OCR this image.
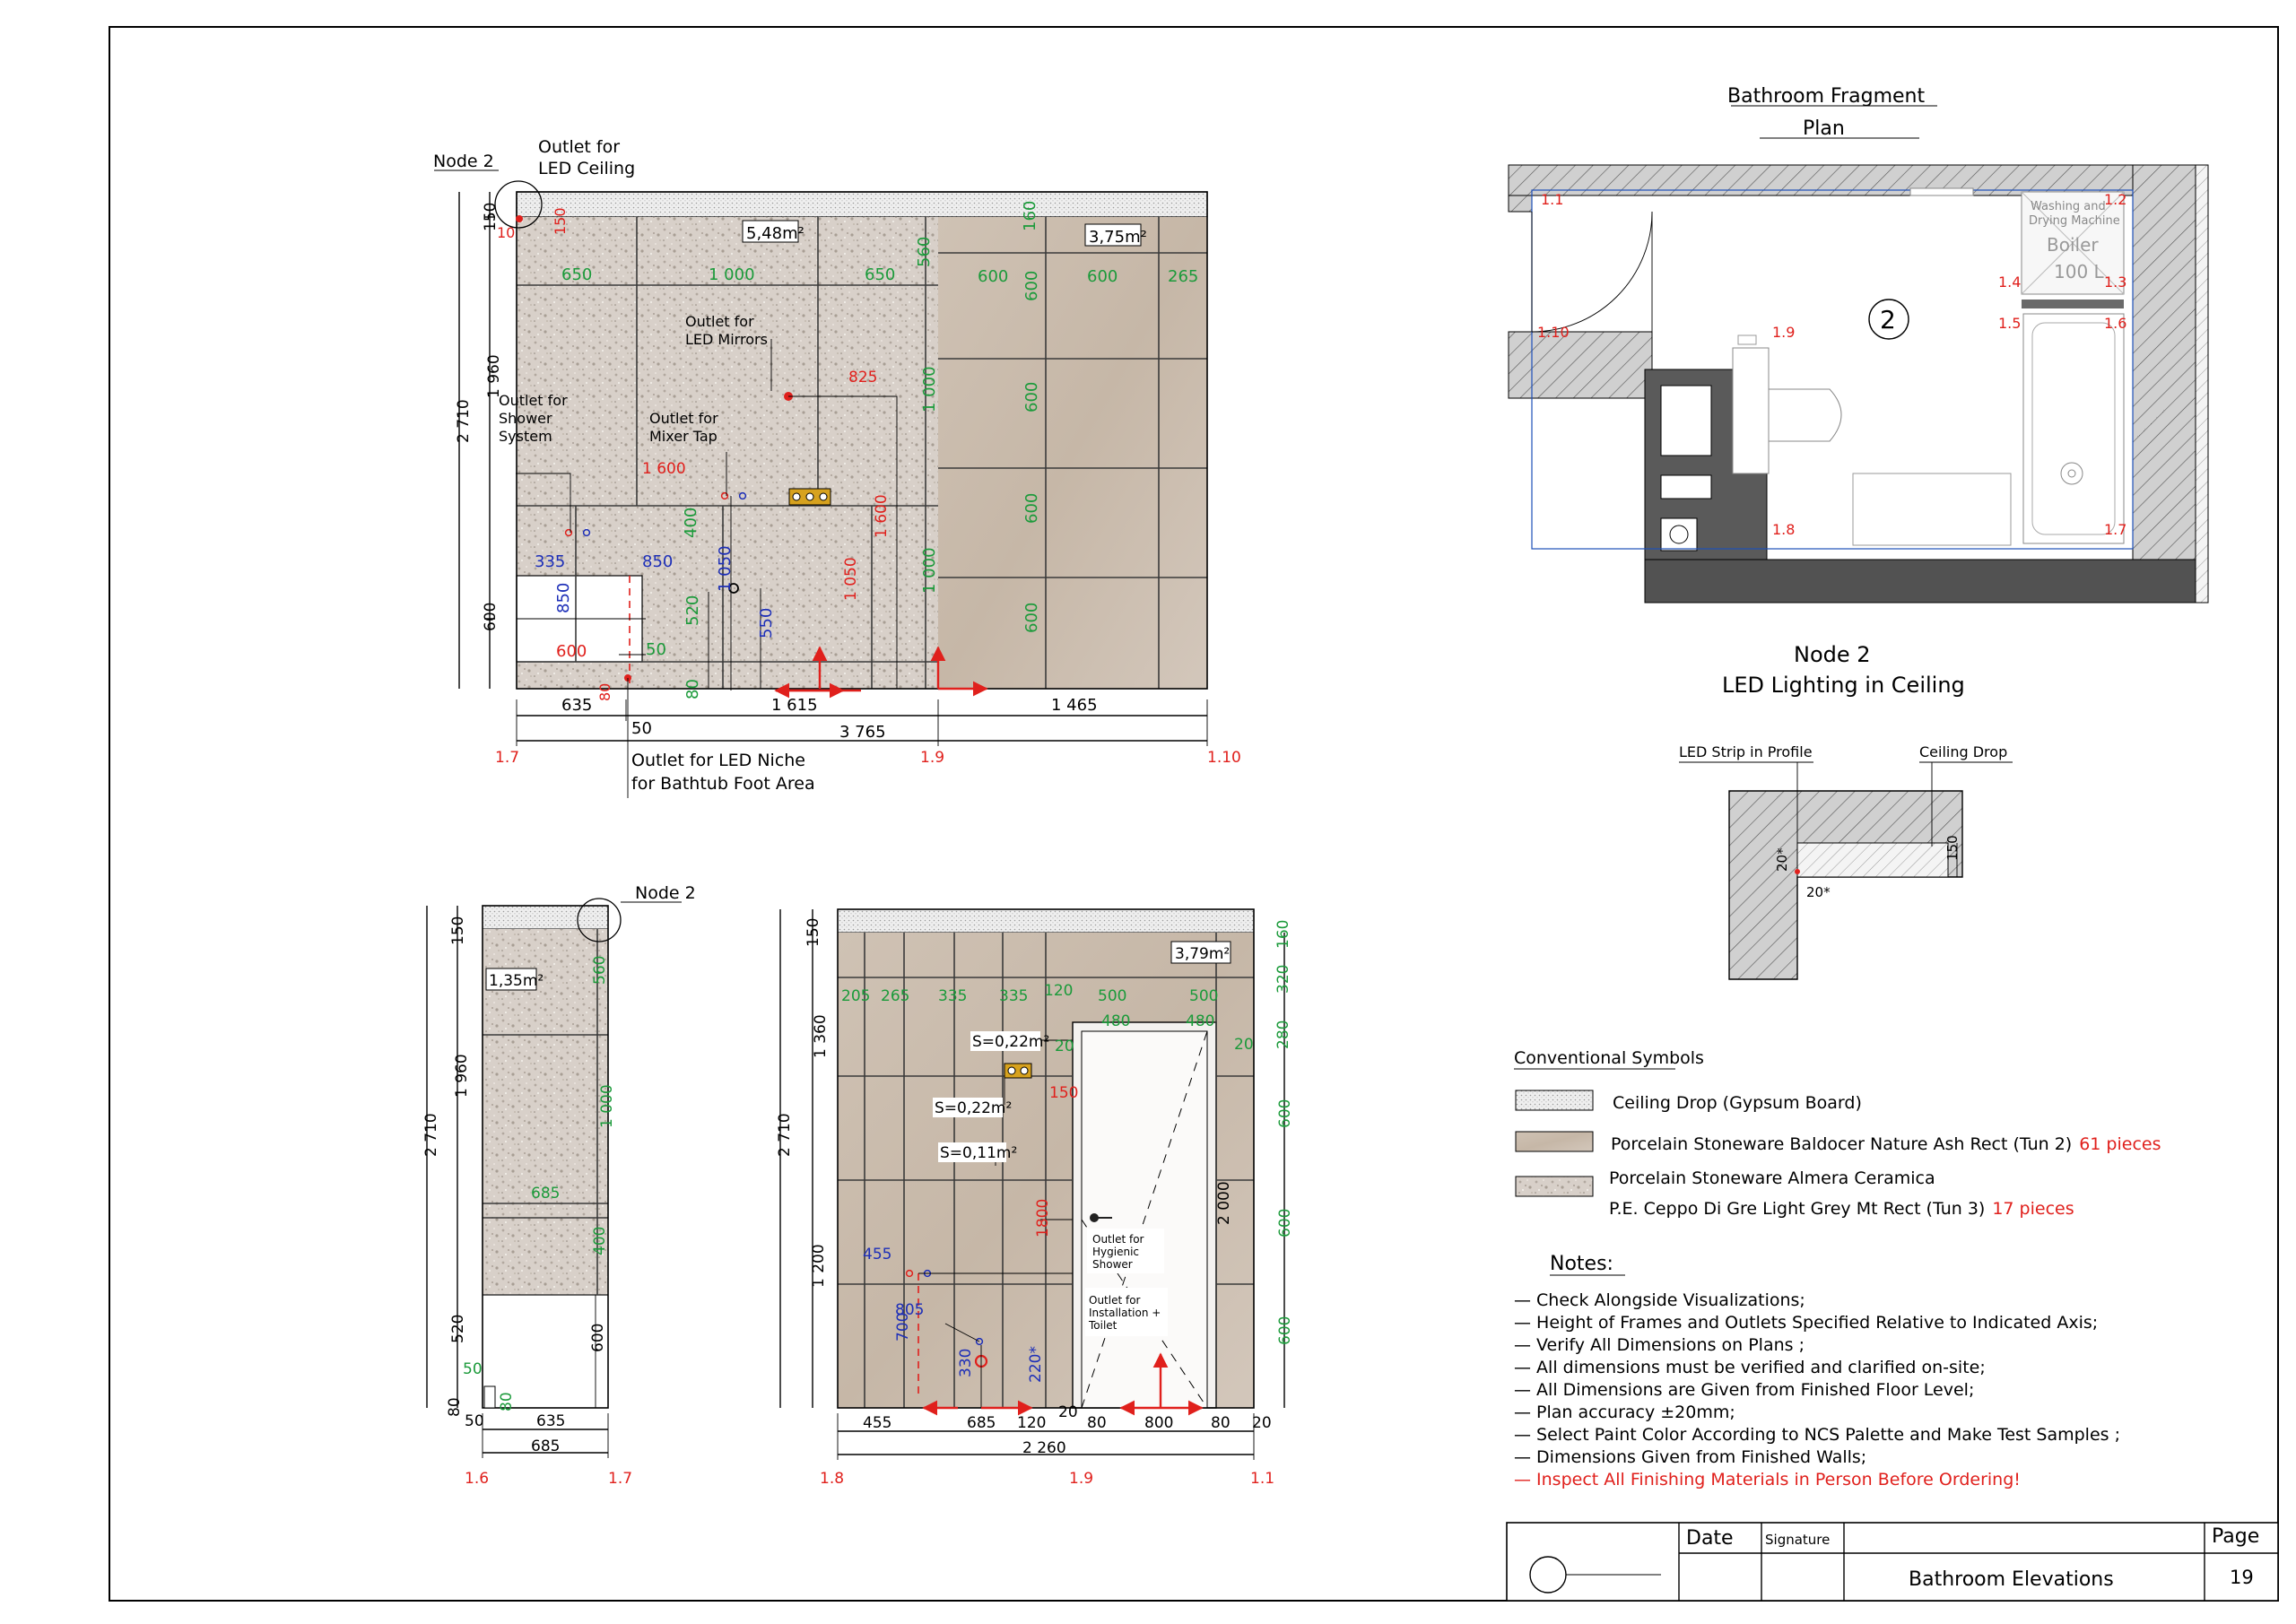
Node 2
Outlet for
LED Ceiling
Outlet for
LED Mirrors
Outlet for
Shower
System
Outlet for
Mixer Tap
Outlet for LED Niche
for Bathtub Foot Area
5,48m²	3,75m²
10	150
825
1 600
1 050
1 600
80
650	1 000	650
560
160
600	600	265
600
600
1 000
600
400
520	600
1 000
50
80
335
850
1 050
850
550
600
150
1 960
2 710
600
635	1 615	1 465
50	3 765
1.7	1.9	1.10
Bathroom Fragment
Plan
2
Washing and
Drying Machine
Boiler
100 L
1.1	1.2
1.3
1.4
1.5	1.6
1.7
1.8
1.9
1.10
Node 2
LED Lighting in Ceiling
LED Strip in Profile	Ceiling Drop
150
20*
20*
Node 2
1,35m²	560
1 000
685
400
50
80
150
1 960
2 710
520
80
600
50	635
685
1.6	1.7
3,79m²
S=0,22m²
S=0,22m²
S=0,11m²
205 265 335 335 120 500	500
480	480
20	20
160
320
280
600
600
600
150
1800
455
805
700
330	220*
2 000
Outlet for
Hygienic
Shower
Outlet for
Installation +
Toilet
150
1 360
2 710
1 200
455	685 120
20
80 800 80 20
2 260
1.8	1.9	1.1
Conventional Symbols
Ceiling Drop (Gypsum Board)
Porcelain Stoneware Baldocer Nature Ash Rect (Tun 2) 61 pieces
Porcelain Stoneware Almera Ceramica
P.E. Ceppo Di Gre Light Grey Mt Rect (Tun 3) 17 pieces
Notes:
— Check Alongside Visualizations;
— Height of Frames and Outlets Specified Relative to Indicated Axis;
— Verify All Dimensions on Plans ;
— All dimensions must be verified and clarified on-site;
— All Dimensions are Given from Finished Floor Level;
— Plan accuracy ±20mm;
— Select Paint Color According to NCS Palette and Make Test Samples ;
— Dimensions Given from Finished Walls;
— Inspect All Finishing Materials in Person Before Ordering!
Date Signature	Page
Bathroom Elevations	19
